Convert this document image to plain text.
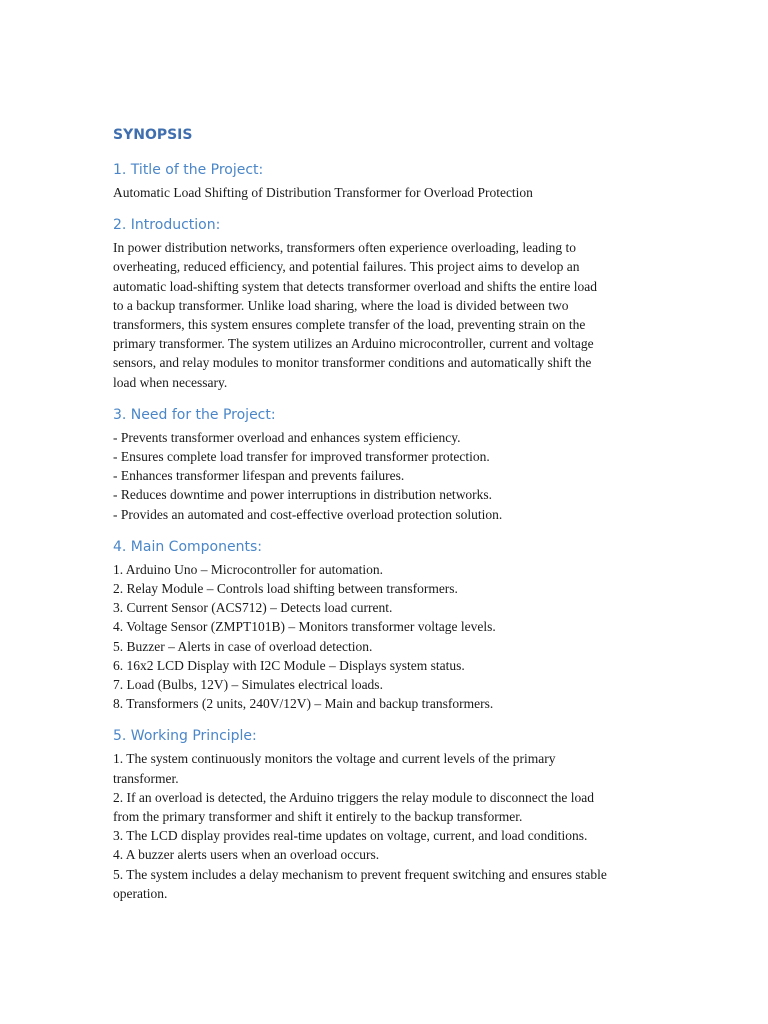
SYNOPSIS
1. Title of the Project:
Automatic Load Shifting of Distribution Transformer for Overload Protection
2. Introduction:
In power distribution networks, transformers often experience overloading, leading to
overheating, reduced efficiency, and potential failures. This project aims to develop an
automatic load-shifting system that detects transformer overload and shifts the entire load
to a backup transformer. Unlike load sharing, where the load is divided between two
transformers, this system ensures complete transfer of the load, preventing strain on the
primary transformer. The system utilizes an Arduino microcontroller, current and voltage
sensors, and relay modules to monitor transformer conditions and automatically shift the
load when necessary.
3. Need for the Project:
- Prevents transformer overload and enhances system efficiency.
- Ensures complete load transfer for improved transformer protection.
- Enhances transformer lifespan and prevents failures.
- Reduces downtime and power interruptions in distribution networks.
- Provides an automated and cost-effective overload protection solution.
4. Main Components:
1. Arduino Uno – Microcontroller for automation.
2. Relay Module – Controls load shifting between transformers.
3. Current Sensor (ACS712) – Detects load current.
4. Voltage Sensor (ZMPT101B) – Monitors transformer voltage levels.
5. Buzzer – Alerts in case of overload detection.
6. 16x2 LCD Display with I2C Module – Displays system status.
7. Load (Bulbs, 12V) – Simulates electrical loads.
8. Transformers (2 units, 240V/12V) – Main and backup transformers.
5. Working Principle:
1. The system continuously monitors the voltage and current levels of the primary
transformer.
2. If an overload is detected, the Arduino triggers the relay module to disconnect the load
from the primary transformer and shift it entirely to the backup transformer.
3. The LCD display provides real-time updates on voltage, current, and load conditions.
4. A buzzer alerts users when an overload occurs.
5. The system includes a delay mechanism to prevent frequent switching and ensures stable
operation.
